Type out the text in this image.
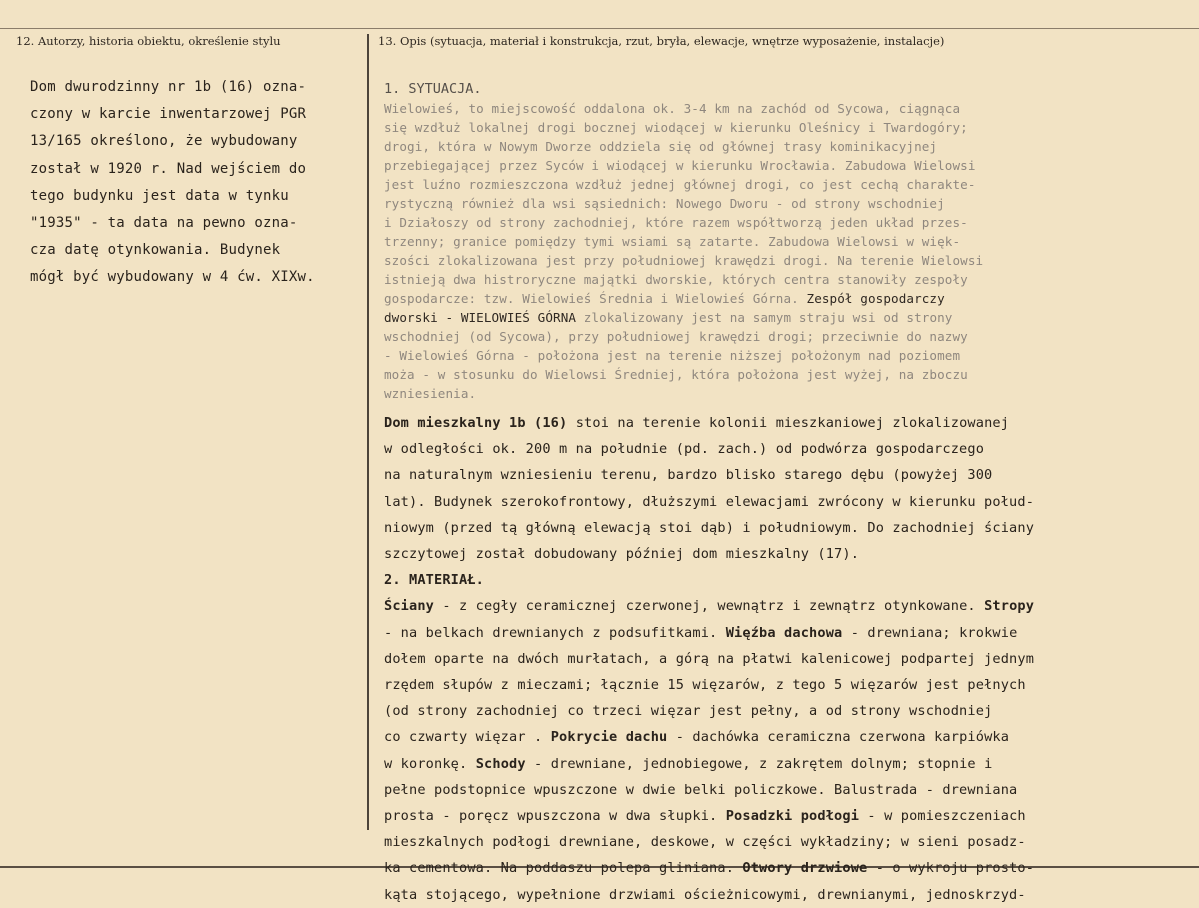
12. Autorzy, historia obiektu, określenie stylu	13. Opis (sytuacja, materiał i konstrukcja, rzut, bryła, elewacje, wnętrze wyposażenie, instalacje)
Dom dwurodzinny nr 1b (16) ozna-
czony w karcie inwentarzowej PGR
13/165 określono, że wybudowany
został w 1920 r. Nad wejściem do
tego budynku jest data w tynku
"1935" - ta data na pewno ozna-
cza datę otynkowania. Budynek
mógł być wybudowany w 4 ćw. XIXw.
1. SYTUACJA.
Wielowieś, to miejscowość oddalona ok. 3-4 km na zachód od Sycowa, ciągnąca
się wzdłuż lokalnej drogi bocznej wiodącej w kierunku Oleśnicy i Twardogóry;
drogi, która w Nowym Dworze oddziela się od głównej trasy kominikacyjnej
przebiegającej przez Syców i wiodącej w kierunku Wrocławia. Zabudowa Wielowsi
jest luźno rozmieszczona wzdłuż jednej głównej drogi, co jest cechą charakte-
rystyczną również dla wsi sąsiednich: Nowego Dworu - od strony wschodniej
i Działoszy od strony zachodniej, które razem współtworzą jeden układ przes-
trzenny; granice pomiędzy tymi wsiami są zatarte. Zabudowa Wielowsi w więk-
szości zlokalizowana jest przy południowej krawędzi drogi. Na terenie Wielowsi
istnieją dwa histroryczne majątki dworskie, których centra stanowiły zespoły
gospodarcze: tzw. Wielowieś Średnia i Wielowieś Górna. Zespół gospodarczy
dworski - WIELOWIEŚ GÓRNA zlokalizowany jest na samym straju wsi od strony
wschodniej (od Sycowa), przy południowej krawędzi drogi; przeciwnie do nazwy
- Wielowieś Górna - położona jest na terenie niższej położonym nad poziomem
moża - w stosunku do Wielowsi Średniej, która położona jest wyżej, na zboczu
wzniesienia.
Dom mieszkalny 1b (16) stoi na terenie kolonii mieszkaniowej zlokalizowanej
w odległości ok. 200 m na południe (pd. zach.) od podwórza gospodarczego
na naturalnym wzniesieniu terenu, bardzo blisko starego dębu (powyżej 300
lat). Budynek szerokofrontowy, dłuższymi elewacjami zwrócony w kierunku połud-
niowym (przed tą główną elewacją stoi dąb) i południowym. Do zachodniej ściany
szczytowej został dobudowany później dom mieszkalny (17).
2. MATERIAŁ.
Ściany - z cegły ceramicznej czerwonej, wewnątrz i zewnątrz otynkowane. Stropy
- na belkach drewnianych z podsufitkami. Więźba dachowa - drewniana; krokwie
dołem oparte na dwóch murłatach, a górą na płatwi kalenicowej podpartej jednym
rzędem słupów z mieczami; łącznie 15 więzarów, z tego 5 więzarów jest pełnych
(od strony zachodniej co trzeci więzar jest pełny, a od strony wschodniej
co czwarty więzar . Pokrycie dachu - dachówka ceramiczna czerwona karpiówka
w koronkę. Schody - drewniane, jednobiegowe, z zakrętem dolnym; stopnie i
pełne podstopnice wpuszczone w dwie belki policzkowe. Balustrada - drewniana
prosta - poręcz wpuszczona w dwa słupki. Posadzki podłogi - w pomieszczeniach
mieszkalnych podłogi drewniane, deskowe, w części wykładziny; w sieni posadz-
ka cementowa. Na poddaszu polepa gliniana. Otwory drzwiowe - o wykroju prosto-
kąta stojącego, wypełnione drzwiami ościeżnicowymi, drewnianymi, jednoskrzyd-
